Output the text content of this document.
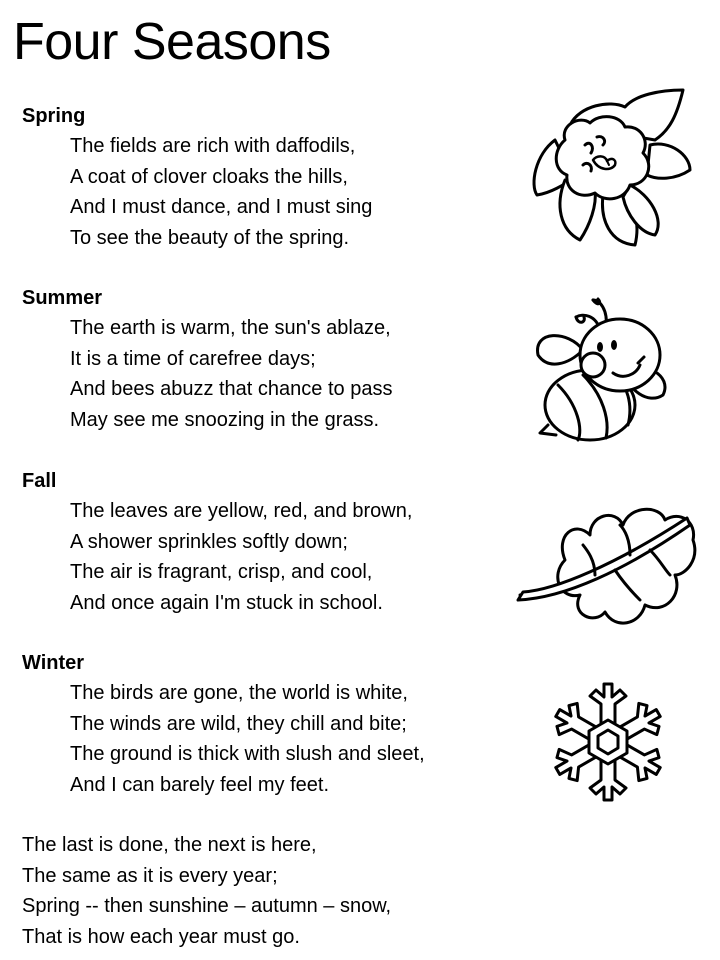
Four Seasons
Spring
The fields are rich with daffodils,
A coat of clover cloaks the hills,
And I must dance, and I must sing
To see the beauty of the spring.
Summer
The earth is warm, the sun's ablaze,
It is a time of carefree days;
And bees abuzz that chance to pass
May see me snoozing in the grass.
Fall
The leaves are yellow, red, and brown,
A shower sprinkles softly down;
The air is fragrant, crisp, and cool,
And once again I'm stuck in school.
Winter
The birds are gone, the world is white,
The winds are wild, they chill and bite;
The ground is thick with slush and sleet,
And I can barely feel my feet.
The last is done, the next is here,
The same as it is every year;
Spring -- then sunshine – autumn – snow,
That is how each year must go.
